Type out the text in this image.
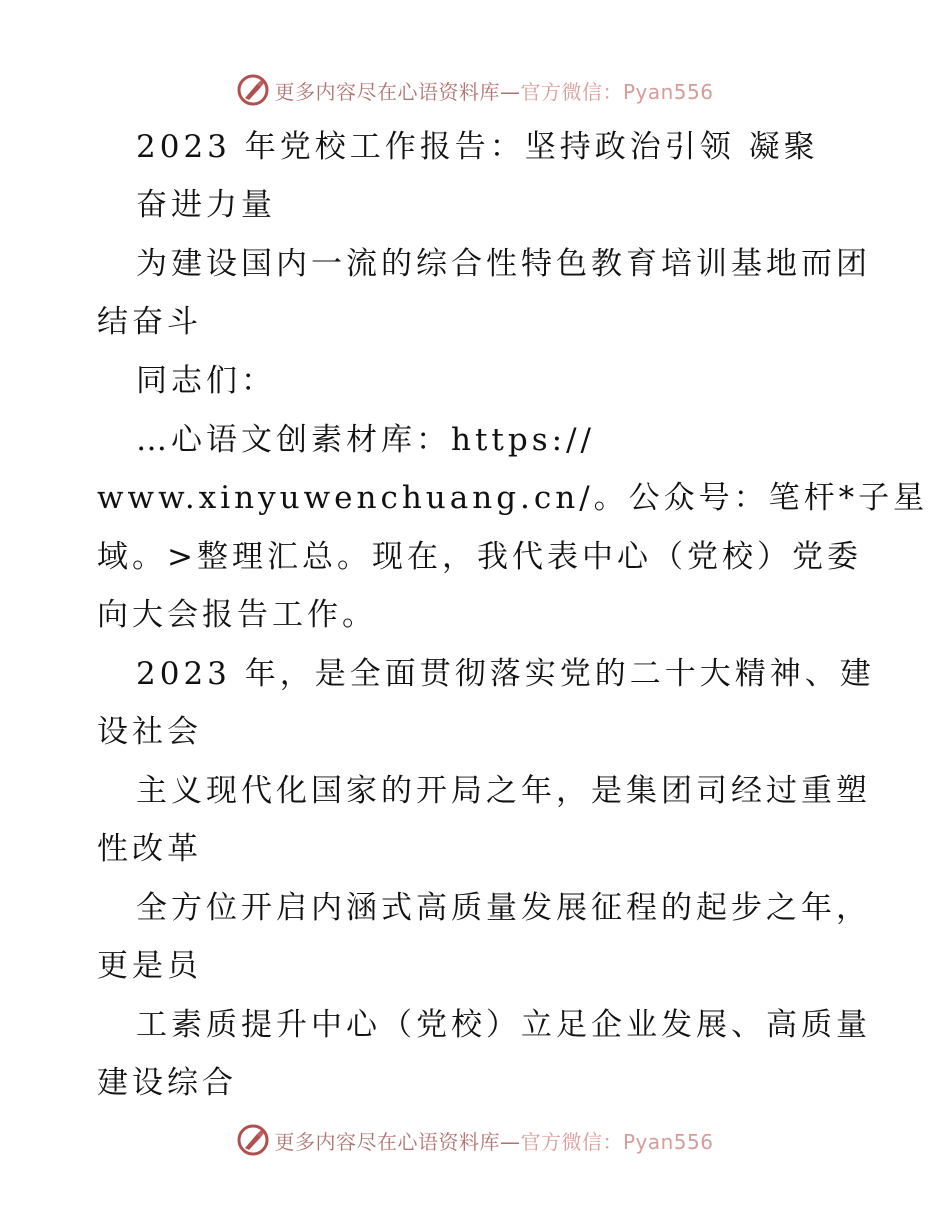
更多内容尽在心语资料库—官方微信：Pyan556
2023 年党校工作报告：坚持政治引领 凝聚
奋进力量
为建设国内一流的综合性特色教育培训基地而团
结奋斗
同志们：
…心语文创素材库：https://
www.xinyuwenchuang.cn/。公众号：笔杆*子星
域。>整理汇总。现在，我代表中心（党校）党委
向大会报告工作。
2023 年，是全面贯彻落实党的二十大精神、建
设社会
主义现代化国家的开局之年，是集团司经过重塑
性改革
全方位开启内涵式高质量发展征程的起步之年，
更是员
工素质提升中心（党校）立足企业发展、高质量
建设综合
更多内容尽在心语资料库—官方微信：Pyan556
